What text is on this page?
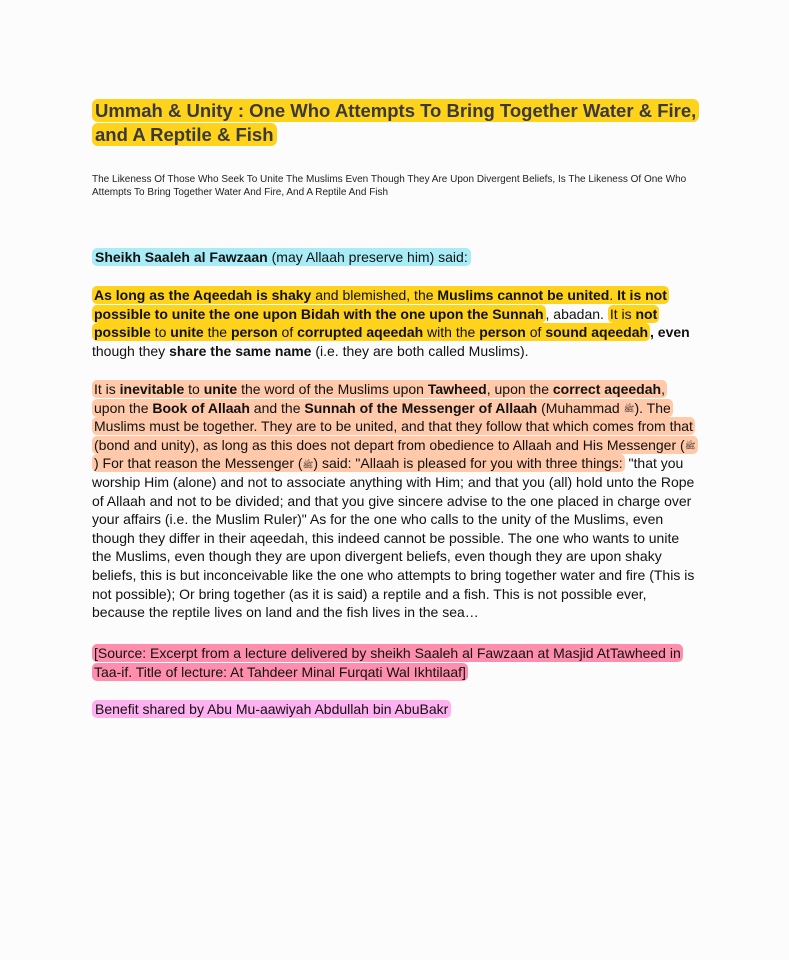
Ummah & Unity : One Who Attempts To Bring Together Water & Fire, and A Reptile & Fish

The Likeness Of Those Who Seek To Unite The Muslims Even Though They Are Upon Divergent Beliefs, Is The Likeness Of One Who Attempts To Bring Together Water And Fire, And A Reptile And Fish

Sheikh Saaleh al Fawzaan (may Allaah preserve him) said:

As long as the Aqeedah is shaky and blemished, the Muslims cannot be united. It is not possible to unite the one upon Bidah with the one upon the Sunnah , abadan. It is not possible to unite the person of corrupted aqeedah with the person of sound aqeedah , even though they share the same name (i.e. they are both called Muslims).

It is inevitable to unite the word of the Muslims upon Tawheed, upon the correct aqeedah, upon the Book of Allaah and the Sunnah of the Messenger of Allaah (Muhammad ﷺ). The Muslims must be together. They are to be united, and that they follow that which comes from that (bond and unity), as long as this does not depart from obedience to Allaah and His Messenger (ﷺ) For that reason the Messenger (ﷺ) said: "Allaah is pleased for you with three things: "that you worship Him (alone) and not to associate anything with Him; and that you (all) hold unto the Rope of Allaah and not to be divided; and that you give sincere advise to the one placed in charge over your affairs (i.e. the Muslim Ruler)" As for the one who calls to the unity of the Muslims, even though they differ in their aqeedah, this indeed cannot be possible. The one who wants to unite the Muslims, even though they are upon divergent beliefs, even though they are upon shaky beliefs, this is but inconceivable like the one who attempts to bring together water and fire (This is not possible); Or bring together (as it is said) a reptile and a fish. This is not possible ever, because the reptile lives on land and the fish lives in the sea…

[Source: Excerpt from a lecture delivered by sheikh Saaleh al Fawzaan at Masjid AtTawheed in Taa-if. Title of lecture: At Tahdeer Minal Furqati Wal Ikhtilaaf]

Benefit shared by Abu Mu-aawiyah Abdullah bin AbuBakr
